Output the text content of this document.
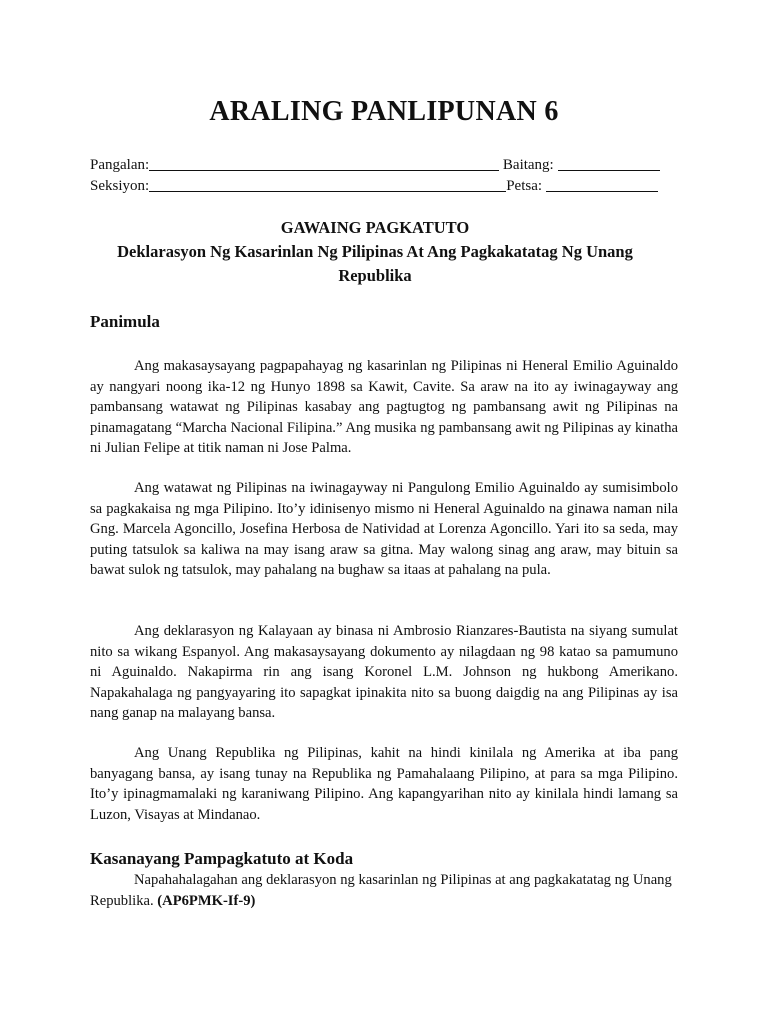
ARALING PANLIPUNAN 6
Pangalan:	Baitang:
Seksiyon:	Petsa:
GAWAING PAGKATUTO
Deklarasyon Ng Kasarinlan Ng Pilipinas At Ang Pagkakatatag Ng Unang Republika
Panimula

Ang makasaysayang pagpapahayag ng kasarinlan ng Pilipinas ni Heneral Emilio Aguinaldo ay nangyari noong ika-12 ng Hunyo 1898 sa Kawit, Cavite. Sa araw na ito ay iwinagayway ang pambansang watawat ng Pilipinas kasabay ang pagtugtog ng pambansang awit ng Pilipinas na pinamagatang “Marcha Nacional Filipina.” Ang musika ng pambansang awit ng Pilipinas ay kinatha ni Julian Felipe at titik naman ni Jose Palma.

Ang watawat ng Pilipinas na iwinagayway ni Pangulong Emilio Aguinaldo ay sumisimbolo sa pagkakaisa ng mga Pilipino. Ito’y idinisenyo mismo ni Heneral Aguinaldo na ginawa naman nila Gng. Marcela Agoncillo, Josefina Herbosa de Natividad at Lorenza Agoncillo. Yari ito sa seda, may puting tatsulok sa kaliwa na may isang araw sa gitna. May walong sinag ang araw, may bituin sa bawat sulok ng tatsulok, may pahalang na bughaw sa itaas at pahalang na pula.

Ang deklarasyon ng Kalayaan ay binasa ni Ambrosio Rianzares-Bautista na siyang sumulat nito sa wikang Espanyol. Ang makasaysayang dokumento ay nilagdaan ng 98 katao sa pamumuno ni Aguinaldo. Nakapirma rin ang isang Koronel L.M. Johnson ng hukbong Amerikano. Napakahalaga ng pangyayaring ito sapagkat ipinakita nito sa buong daigdig na ang Pilipinas ay isa nang ganap na malayang bansa.

Ang Unang Republika ng Pilipinas, kahit na hindi kinilala ng Amerika at iba pang banyagang bansa, ay isang tunay na Republika ng Pamahalaang Pilipino, at para sa mga Pilipino. Ito’y ipinagmamalaki ng karaniwang Pilipino. Ang kapangyarihan nito ay kinilala hindi lamang sa Luzon, Visayas at Mindanao.

Kasanayang Pampagkatuto at Koda

Napahahalagahan ang deklarasyon ng kasarinlan ng Pilipinas at ang pagkakatatag ng Unang Republika. (AP6PMK-If-9)
